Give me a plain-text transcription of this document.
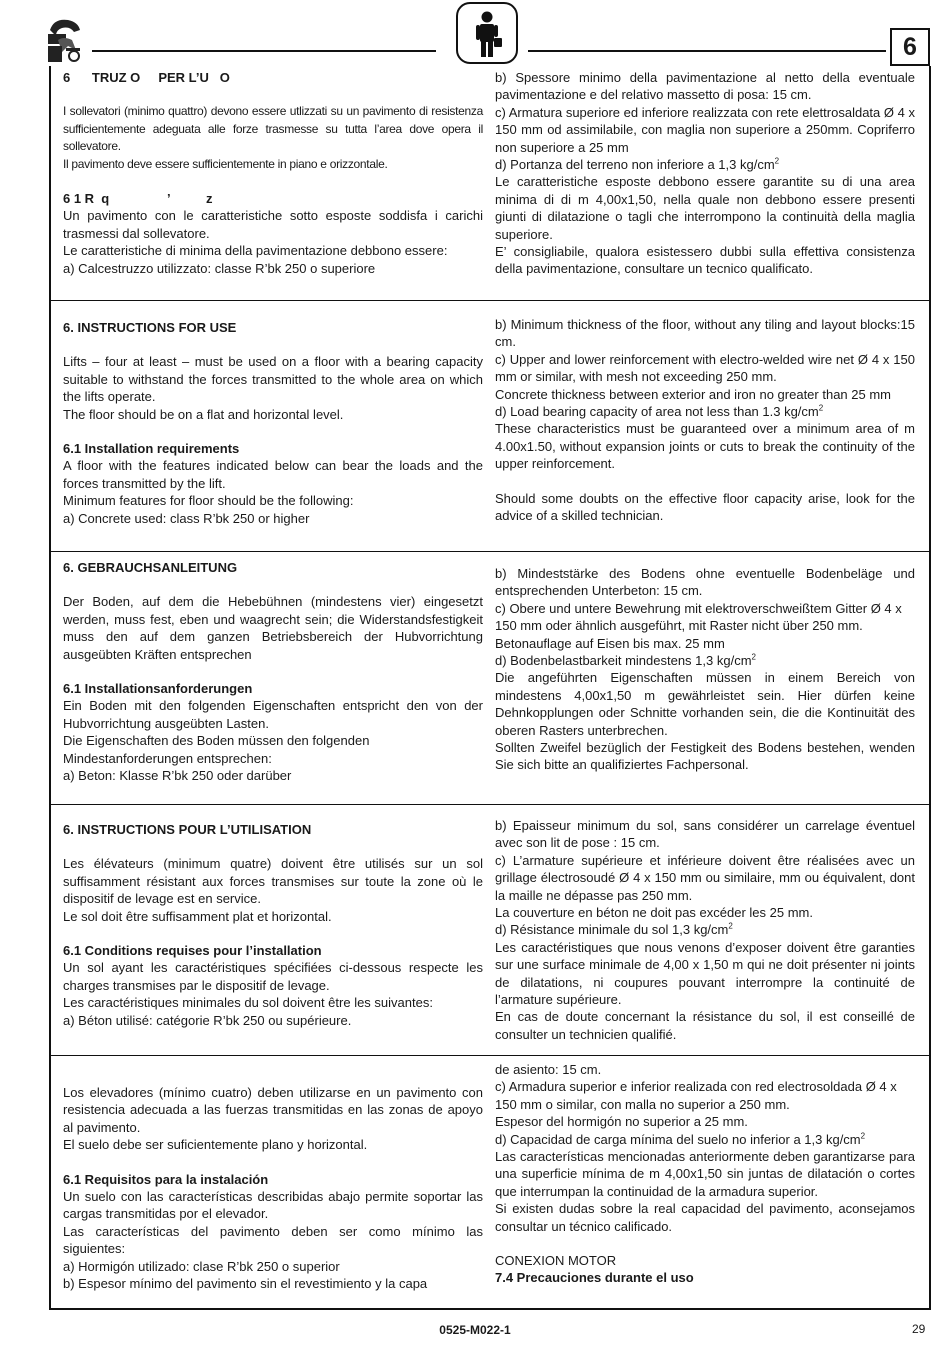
6

6      TRUZ O     PER L’U   O

I sollevatori (minimo quattro) devono essere utlizzati su un pavimento di resistenza sufficientemente adeguata alle forze trasmesse su tutta l’area dove opera il sollevatore.

Il pavimento deve essere sufficientemente in piano e orizzontale.

6 1 R  q                ’          z

Un pavimento con le caratteristiche sotto esposte soddisfa i carichi trasmessi dal sollevatore.

Le caratteristiche di minima della pavimentazione debbono essere:

a) Calcestruzzo utilizzato: classe R’bk 250 o superiore

b) Spessore minimo della pavimentazione al netto della eventuale pavimentazione e del relativo massetto di posa: 15 cm.

c) Armatura superiore ed inferiore realizzata con rete elettrosaldata Ø 4 x 150 mm od assimilabile, con maglia non superiore a 250mm. Copriferro non superiore a 25 mm

d) Portanza del terreno non inferiore a 1,3 $kg/cm^2$

Le caratteristiche esposte debbono essere garantite su di una area minima di di m 4,00x1,50, nella quale non debbono essere presenti giunti di dilatazione o tagli che interrompono la continuità della maglia superiore.

E’ consigliabile, qualora esistessero dubbi sulla effettiva consistenza della pavimentazione, consultare un tecnico qualificato.

6. INSTRUCTIONS FOR USE

Lifts – four at least – must be used on a floor with a bearing capacity suitable to withstand the forces transmitted to the whole area on which the lifts operate.

The floor should be on a flat and horizontal level.

6.1 Installation requirements

A floor with the features indicated below can bear the loads and the forces transmitted by the lift.

Minimum features for floor should be the following:

a) Concrete used: class R’bk 250 or higher

b) Minimum thickness of the floor, without any tiling and layout blocks:15 cm.

c) Upper and lower reinforcement with electro-welded wire net Ø 4 x 150 mm or similar, with mesh not exceeding 250 mm.

Concrete thickness between exterior and iron no greater than 25 mm

d) Load bearing capacity of area not less than 1.3 $kg/cm^2$

These characteristics must be guaranteed over a minimum area of m 4.00x1.50, without expansion joints or cuts to break the continuity of the upper reinforcement.

Should some doubts on the effective floor capacity arise, look for the advice of a skilled technician.

6. GEBRAUCHSANLEITUNG

Der Boden, auf dem die Hebebühnen (mindestens vier) eingesetzt werden, muss fest, eben und waagrecht sein; die Widerstandsfestigkeit muss den auf dem ganzen Betriebsbereich der Hubvorrichtung ausgeübten Kräften entsprechen

6.1 Installationsanforderungen

Ein Boden mit den folgenden Eigenschaften entspricht den von der Hubvorrichtung ausgeübten Lasten.

Die Eigenschaften des Boden müssen den folgenden Mindestanforderungen entsprechen:

a) Beton: Klasse R’bk 250 oder darüber

b) Mindeststärke des Bodens ohne eventuelle Bodenbeläge und entsprechenden Unterbeton: 15 cm.

c) Obere und untere Bewehrung mit elektroverschweißtem Gitter Ø 4 x 150 mm oder ähnlich ausgeführt, mit Raster nicht über 250 mm.

Betonauflage auf Eisen bis max. 25 mm

d) Bodenbelastbarkeit mindestens 1,3 $kg/cm^2$

Die angeführten Eigenschaften müssen in einem Bereich von mindestens 4,00x1,50 m gewährleistet sein. Hier dürfen keine Dehnkopplungen oder Schnitte vorhanden sein, die die Kontinuität des oberen Rasters unterbrechen.

Sollten Zweifel bezüglich der Festigkeit des Bodens bestehen, wenden Sie sich bitte an qualifiziertes Fachpersonal.

6. INSTRUCTIONS POUR L’UTILISATION

Les élévateurs (minimum quatre) doivent être utilisés sur un sol suffisamment résistant aux forces transmises sur toute la zone où le dispositif de levage est en service.

Le sol doit être suffisamment plat et horizontal.

6.1 Conditions requises pour l’installation

Un sol ayant les caractéristiques spécifiées ci-dessous respecte les charges transmises par le dispositif de levage.

Les caractéristiques minimales du sol doivent être les suivantes:

a) Béton utilisé: catégorie R’bk 250 ou supérieure.

b) Epaisseur minimum du sol, sans considérer un carrelage éventuel avec son lit de pose : 15 cm.

c) L’armature supérieure et inférieure doivent être réalisées avec un grillage électrosoudé Ø 4 x 150 mm ou similaire, mm ou équivalent, dont la maille ne dépasse pas 250 mm.

La couverture en béton ne doit pas excéder les 25 mm.

d) Résistance minimale du sol 1,3 $kg/cm^2$

Les caractéristiques que nous venons d’exposer doivent être garanties sur une surface minimale de 4,00 x 1,50 m qui ne doit présenter ni joints de dilatations, ni coupures pouvant interrompre la continuité de l’armature supérieure.

En cas de doute concernant la résistance du sol, il est conseillé de consulter un technicien qualifié.

Los elevadores (mínimo cuatro) deben utilizarse en un pavimento con resistencia adecuada a las fuerzas transmitidas en las zonas de apoyo al pavimento.

El suelo debe ser suficientemente plano y horizontal.

6.1 Requisitos para la instalación

Un suelo con las características describidas abajo permite soportar las cargas transmitidas por el elevador.

Las características del pavimento deben ser como mínimo las siguientes:

a) Hormigón utilizado: clase R’bk 250 o superior

b) Espesor mínimo del pavimento sin el revestimiento y la capa

de asiento: 15 cm.

c) Armadura superior e inferior realizada con red electrosoldada Ø 4 x 150 mm o similar, con malla no superior a 250 mm.

Espesor del hormigón no superior a 25 mm.

d) Capacidad de carga mínima del suelo no inferior a 1,3 $kg/cm^2$

Las características mencionadas anteriormente deben garantizarse para una superficie mínima de m 4,00x1,50 sin juntas de dilatación o cortes que interrumpan la continuidad de la armadura superior.

Si existen dudas sobre la real capacidad del pavimento, aconsejamos consultar un técnico calificado.

CONEXION MOTOR

7.4 Precauciones durante el uso

0525-M022-1	29
